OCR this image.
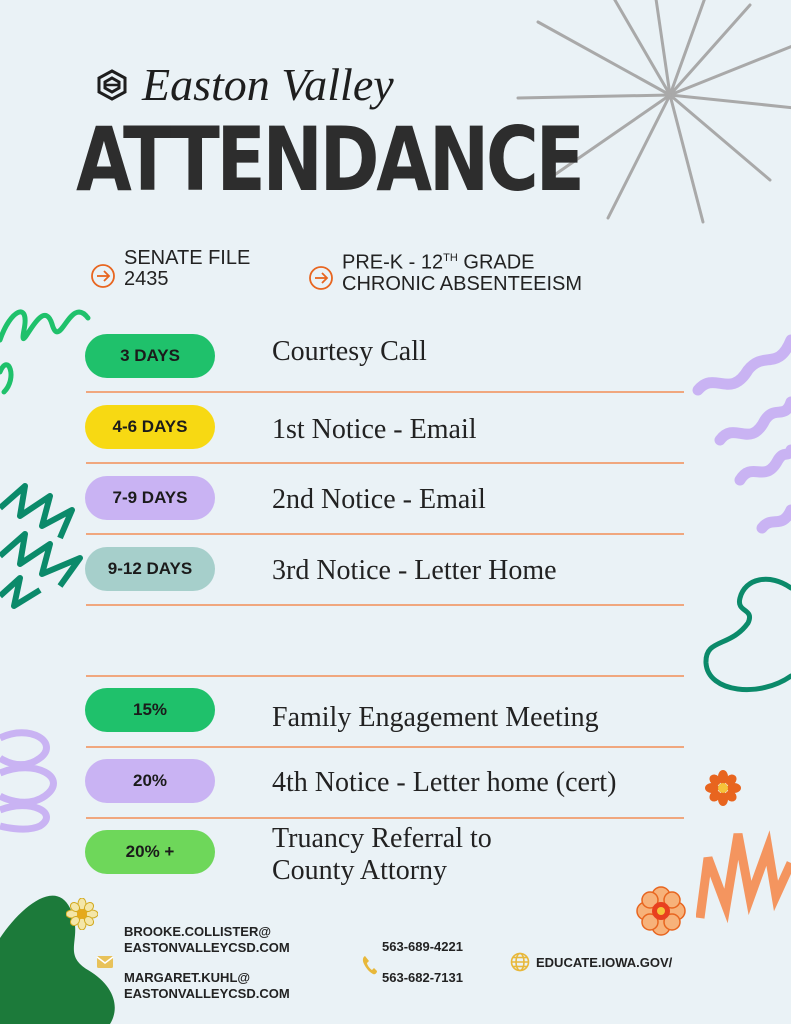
Easton Valley
ATTENDANCE
SENATE FILE
2435
PRE-K - 12TH GRADE
CHRONIC ABSENTEEISM
3 DAYS	Courtesy Call
4-6 DAYS	1st Notice - Email
7-9 DAYS	2nd Notice - Email
9-12 DAYS	3rd Notice - Letter Home
15%	Family Engagement Meeting
20%	4th Notice - Letter home (cert)
20% +	Truancy Referral to
County Attorny
BROOKE.COLLISTER@
EASTONVALLEYCSD.COM
MARGARET.KUHL@
EASTONVALLEYCSD.COM
563-689-4221
563-682-7131
EDUCATE.IOWA.GOV/
